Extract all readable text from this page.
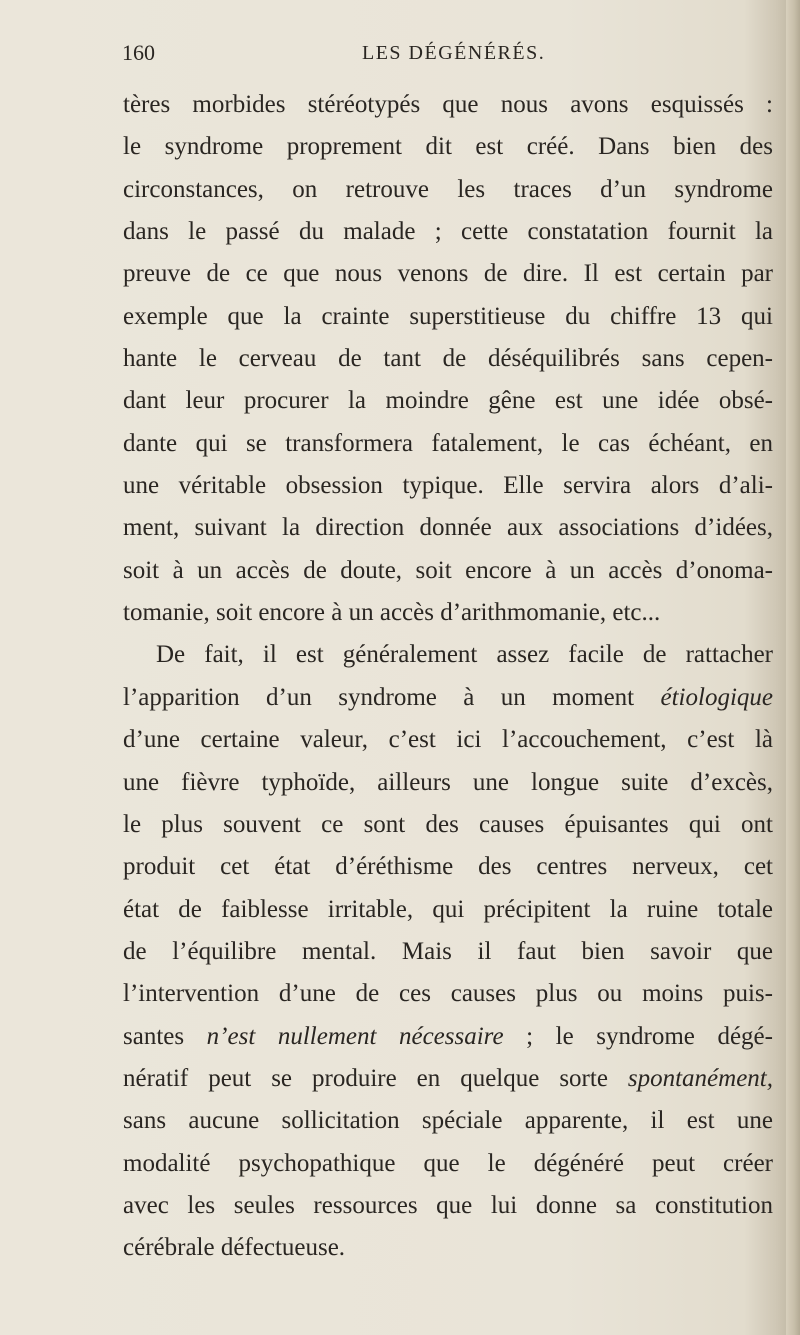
160	LES DÉGÉNÉRÉS.
tères morbides stéréotypés que nous avons esquissés :
le syndrome proprement dit est créé. Dans bien des
circonstances, on retrouve les traces d’un syndrome
dans le passé du malade ; cette constatation fournit la
preuve de ce que nous venons de dire. Il est certain par
exemple que la crainte superstitieuse du chiffre 13 qui
hante le cerveau de tant de déséquilibrés sans cepen-
dant leur procurer la moindre gêne est une idée obsé-
dante qui se transformera fatalement, le cas échéant, en
une véritable obsession typique. Elle servira alors d’ali-
ment, suivant la direction donnée aux associations d’idées,
soit à un accès de doute, soit encore à un accès d’onoma-
tomanie, soit encore à un accès d’arithmomanie, etc...
De fait, il est généralement assez facile de rattacher
l’apparition d’un syndrome à un moment étiologique
d’une certaine valeur, c’est ici l’accouchement, c’est là
une fièvre typhoïde, ailleurs une longue suite d’excès,
le plus souvent ce sont des causes épuisantes qui ont
produit cet état d’éréthisme des centres nerveux, cet
état de faiblesse irritable, qui précipitent la ruine totale
de l’équilibre mental. Mais il faut bien savoir que
l’intervention d’une de ces causes plus ou moins puis-
santes n’est nullement nécessaire ; le syndrome dégé-
nératif peut se produire en quelque sorte spontanément,
sans aucune sollicitation spéciale apparente, il est une
modalité psychopathique que le dégénéré peut créer
avec les seules ressources que lui donne sa constitution
cérébrale défectueuse.
